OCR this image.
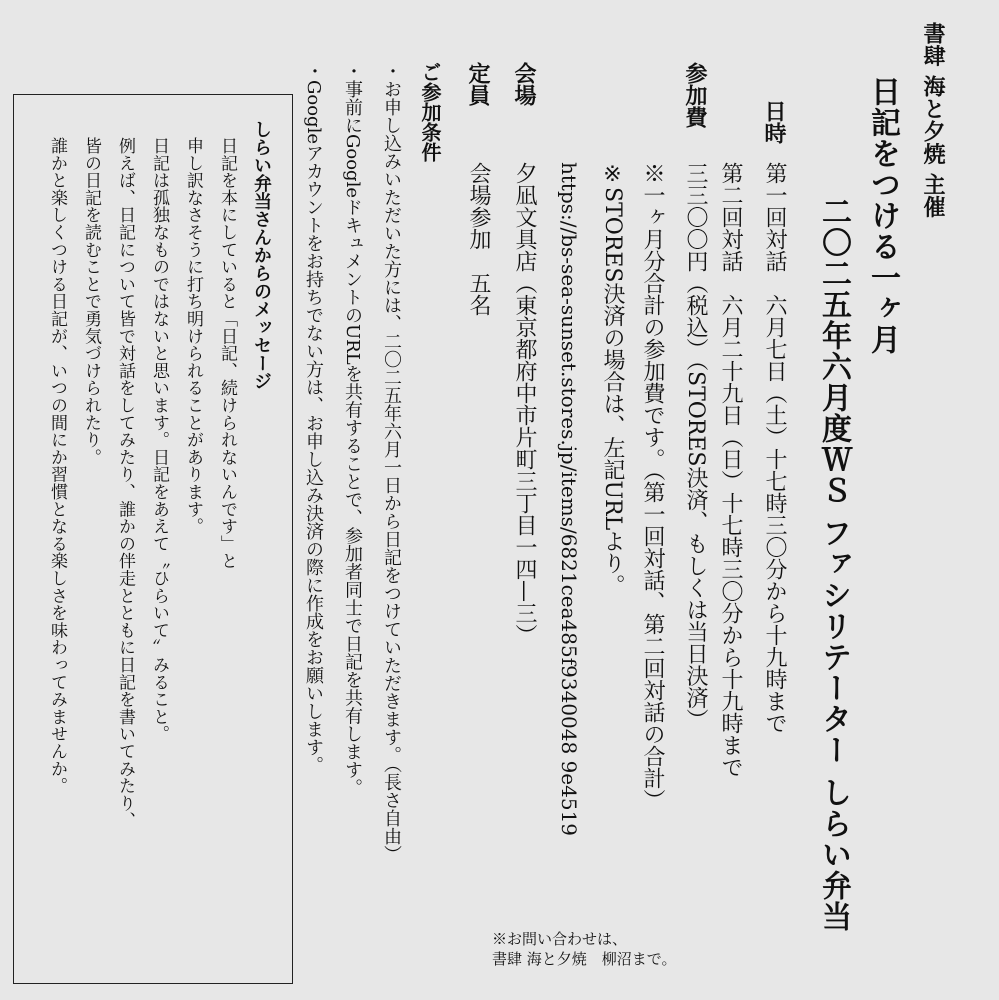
書肆 海と夕焼 主催
日記をつける一ヶ月
二〇二五年六月度ＷＳ ファシリテーター しらい弁当
日時
第一回対話　六月七日（土）十七時三〇分から十九時まで
第二回対話　六月二十九日（日）十七時三〇分から十九時まで
参加費
三三〇〇円（税込）（STORES決済、もしくは当日決済）
※一ヶ月分合計の参加費です。（第一回対話、第二回対話の合計）
※STORES決済の場合は、左記URLより。
https://bs-sea-sunset.stores.jp/items/6821cea485f9340048 9e4519
会場
夕凪文具店（東京都府中市片町三丁目一四—三）
定員
会場参加　五名
ご参加条件
・お申し込みいただいた方には、二〇二五年六月一日から日記をつけていただきます。（長さ自由）
・事前にGoogleドキュメントのURLを共有することで、参加者同士で日記を共有します。
・Googleアカウントをお持ちでない方は、お申し込み決済の際に作成をお願いします。
※お問い合わせは、
書肆 海と夕焼　柳沼まで。
しらい弁当さんからのメッセージ
日記を本にしていると「日記、続けられないんです」と
申し訳なさそうに打ち明けられることがあります。
日記は孤独なものではないと思います。日記をあえて〝ひらいて〟みること。
例えば、日記について皆で対話をしてみたり、誰かの伴走とともに日記を書いてみたり、
皆の日記を読むことで勇気づけられたり。
誰かと楽しくつける日記が、いつの間にか習慣となる楽しさを味わってみませんか。
